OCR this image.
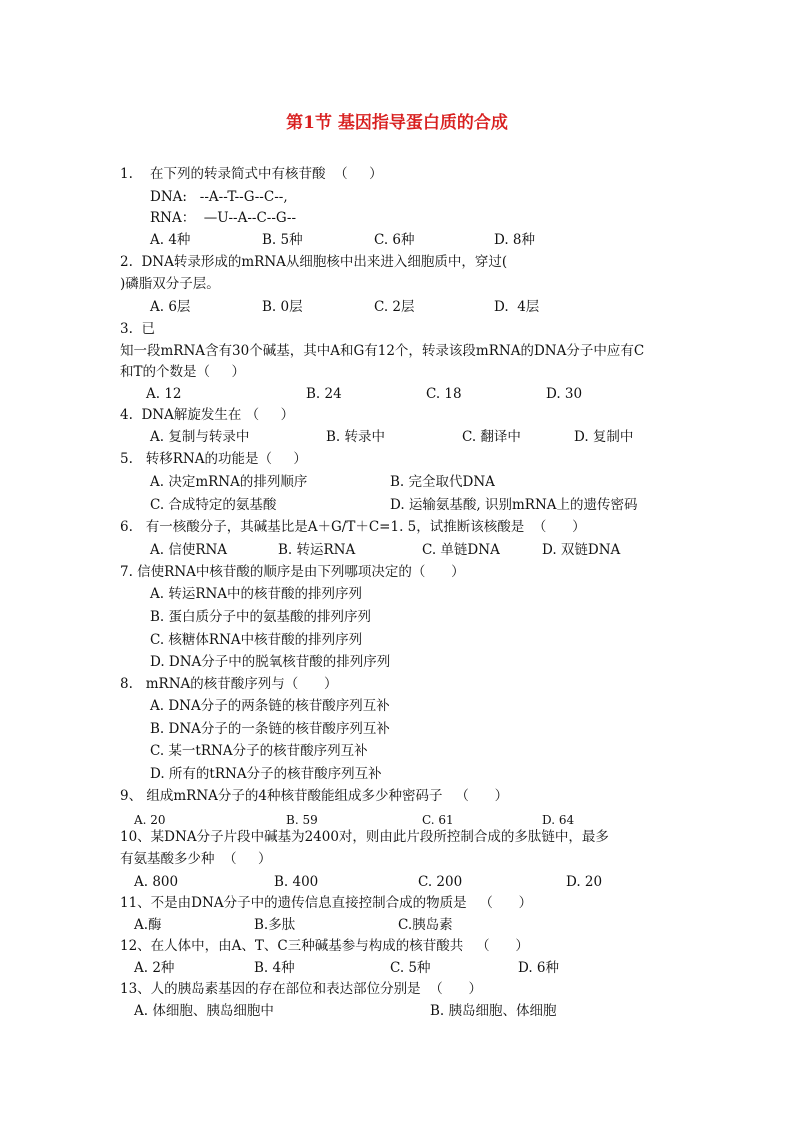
第1节 基因指导蛋白质的合成
1.    在下列的转录简式中有核苷酸  （     ）
DNA:   --A--T--G--C--,
RNA：  —U--A--C--G--
A. 4种	B. 5种	C. 6种	D. 8种
2.  DNA转录形成的mRNA从细胞核中出来进入细胞质中，穿过(
)磷脂双分子层。
A. 6层	B. 0层	C. 2层	D.  4层
3.  已
知一段mRNA含有30个碱基，其中A和G有12个，转录该段mRNA的DNA分子中应有C
和T的个数是（     ）
A. 12	B. 24	C. 18	D. 30
4.  DNA解旋发生在 （     ）
A. 复制与转录中	B. 转录中	C. 翻译中	D. 复制中
5.   转移RNA的功能是（     ）
A. 决定mRNA的排列顺序	B. 完全取代DNA
C. 合成特定的氨基酸	D. 运输氨基酸, 识别mRNA上的遗传密码
6.   有一核酸分子，其碱基比是A＋G/T＋C=1. 5，试推断该核酸是  （      ）
A. 信使RNA	B. 转运RNA	C. 单链DNA	D. 双链DNA
7. 信使RNA中核苷酸的顺序是由下列哪项决定的（      ）
A. 转运RNA中的核苷酸的排列序列
B. 蛋白质分子中的氨基酸的排列序列
C. 核糖体RNA中核苷酸的排列序列
D. DNA分子中的脱氧核苷酸的排列序列
8.   mRNA的核苷酸序列与（      ）
A. DNA分子的两条链的核苷酸序列互补
B. DNA分子的一条链的核苷酸序列互补
C. 某一tRNA分子的核苷酸序列互补
D. 所有的tRNA分子的核苷酸序列互补
9、 组成mRNA分子的4种核苷酸能组成多少种密码子   （      ）
A. 20	B. 59	C. 61	D. 64
10、某DNA分子片段中碱基为2400对，则由此片段所控制合成的多肽链中，最多
有氨基酸多少种  （     ）
A. 800	B. 400	C. 200	D. 20
11、不是由DNA分子中的遗传信息直接控制合成的物质是   （      ）
A.酶	B.多肽	C.胰岛素
12、在人体中，由A、T、C三种碱基参与构成的核苷酸共   （      ）
A. 2种	B. 4种	C. 5种	D. 6种
13、人的胰岛素基因的存在部位和表达部位分别是  （      ）
A. 体细胞、胰岛细胞中	B. 胰岛细胞、体细胞
